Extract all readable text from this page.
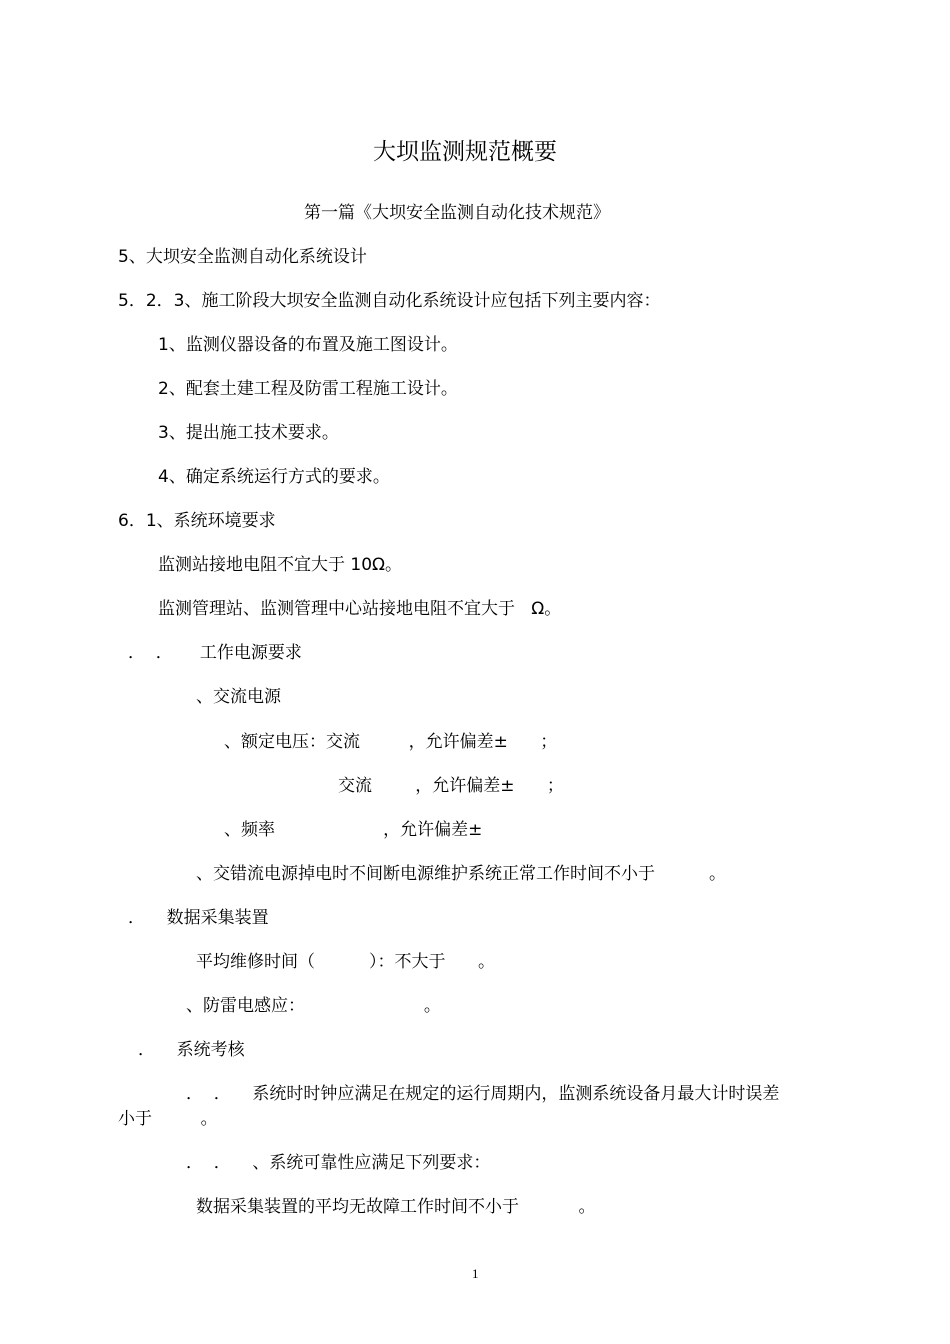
大坝监测规范概要
第一篇《大坝安全监测自动化技术规范》
5、大坝安全监测自动化系统设计
5．2．3、施工阶段大坝安全监测自动化系统设计应包括下列主要内容：
1、监测仪器设备的布置及施工图设计。
2、配套土建工程及防雷工程施工设计。
3、提出施工技术要求。
4、确定系统运行方式的要求。
6．1、系统环境要求
监测站接地电阻不宜大于 10Ω。
监测管理站、监测管理中心站接地电阻不宜大于   Ω。
．  ．     工作电源要求
、交流电源
、额定电压：交流         ，允许偏差±      ；
交流        ，允许偏差±      ；
、频率                    ，允许偏差±
、交错流电源掉电时不间断电源维护系统正常工作时间不小于          。
．    数据采集装置
平均维修时间（          ）：不大于      。
、防雷电感应：                      。
．    系统考核
．  ．    系统时时钟应满足在规定的运行周期内，监测系统设备月最大计时误差
小于         。
．  ．    、系统可靠性应满足下列要求：
数据采集装置的平均无故障工作时间不小于           。
1
